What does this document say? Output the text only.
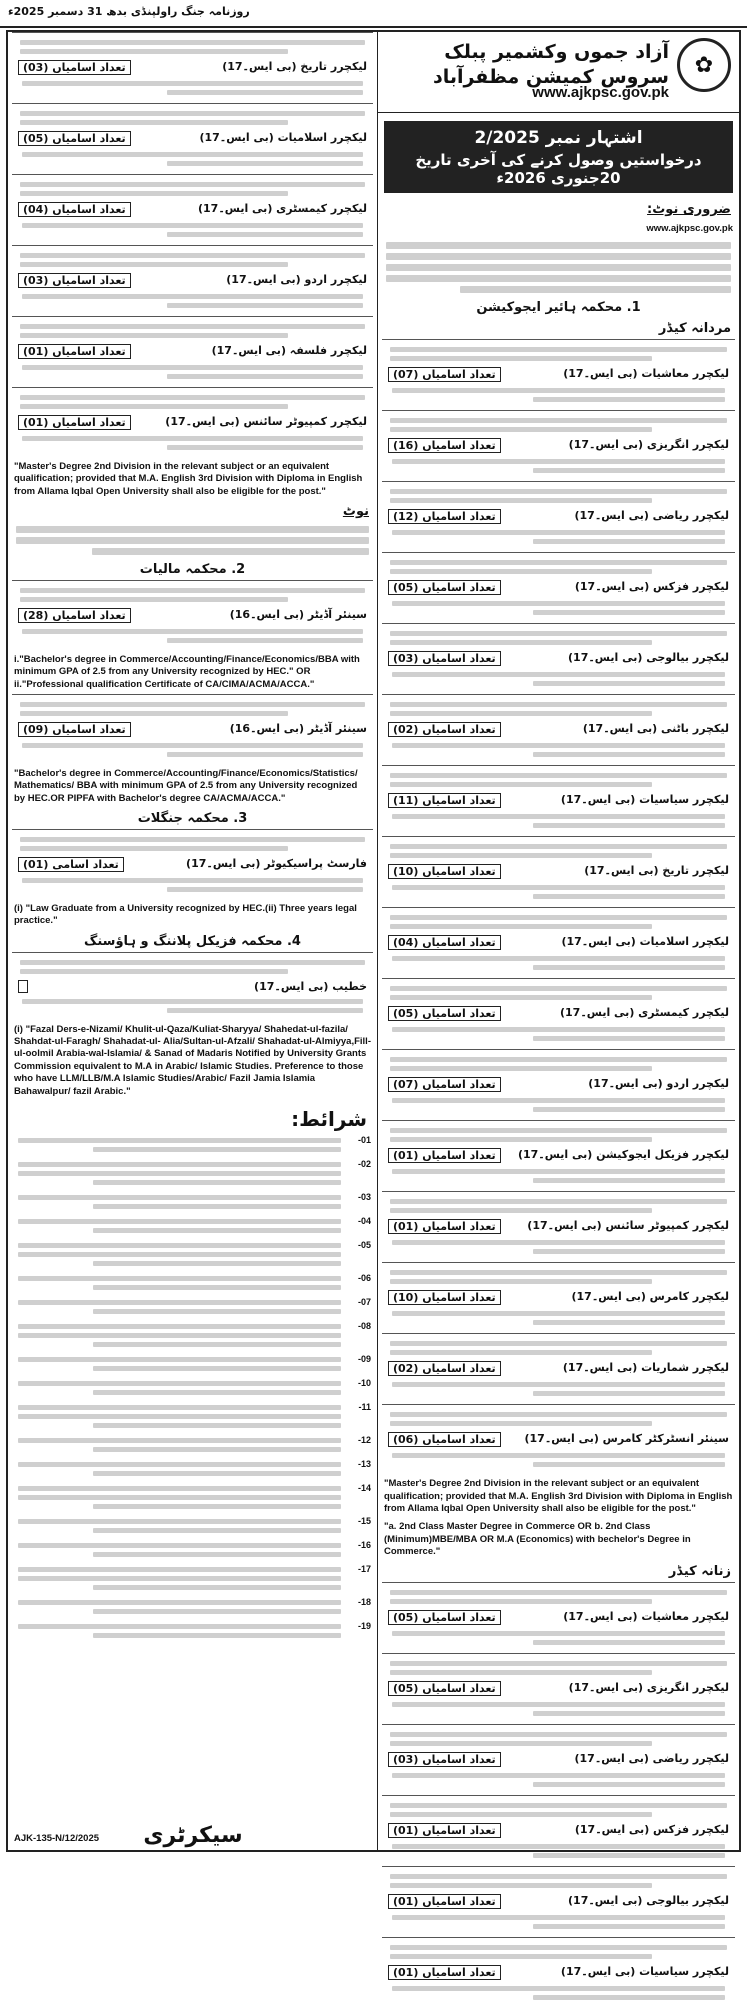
روزنامہ جنگ راولپنڈی بدھ 31 دسمبر 2025ء
لیکچرر تاریخ (بی ایس۔17)
تعداد اسامیاں (03)
لیکچرر اسلامیات (بی ایس۔17)
تعداد اسامیاں (05)
لیکچرر کیمسٹری (بی ایس۔17)
تعداد اسامیاں (04)
لیکچرر اردو (بی ایس۔17)
تعداد اسامیاں (03)
لیکچرر فلسفہ (بی ایس۔17)
تعداد اسامیاں (01)
لیکچرر کمپیوٹر سائنس (بی ایس۔17)
تعداد اسامیاں (01)
"Master's Degree 2nd Division in the relevant subject or an equivalent qualification; provided that M.A. English 3rd Division with Diploma in English from Allama Iqbal Open University shall also be eligible for the post."
نوٹ
2. محکمہ مالیات
سینئر آڈیٹر (بی ایس۔16)
تعداد اسامیاں (28)
i."Bachelor's degree in Commerce/Accounting/Finance/Economics/BBA with minimum GPA of 2.5 from any University recognized by HEC." OR ii."Professional qualification Certificate of CA/CIMA/ACMA/ACCA."
سینئر آڈیٹر (بی ایس۔16)
تعداد اسامیاں (09)
"Bachelor's degree in Commerce/Accounting/Finance/Economics/Statistics/ Mathematics/ BBA with minimum GPA of 2.5 from any University recognized by HEC.OR PIPFA with Bachelor's degree CA/ACMA/ACCA."
3. محکمہ جنگلات
فارسٹ پراسیکیوٹر (بی ایس۔17)
تعداد اسامی (01)
(i) "Law Graduate from a University recognized by HEC.(ii) Three years legal practice."
4. محکمہ فزیکل پلاننگ و ہاؤسنگ
خطیب (بی ایس۔17)
(i) "Fazal Ders-e-Nizami/ Khulit-ul-Qaza/Kuliat-Sharyya/ Shahedat-ul-fazila/ Shahdat-ul-Faragh/ Shahadat-ul- Alia/Sultan-ul-Afzali/ Shahadat-ul-Almiyya,Fill-ul-oolmil Arabia-wal-Islamia/ & Sanad of Madaris Notified by University Grants Commission equivalent to M.A in Arabic/ Islamic Studies. Preference to those who have LLM/LLB/M.A Islamic Studies/Arabic/ Fazil Jamia Islamia Bahawalpur/ fazil Arabic."
شرائط:
01-
02-
03-
04-
05-
06-
07-
08-
09-
10-
11-
12-
13-
14-
15-
16-
17-
18-
19-
AJK-135-N/12/2025	سیکرٹری
✿
آزاد جموں وکشمیر پبلک سروس کمیشن مظفرآباد
www.ajkpsc.gov.pk
اشتہار نمبر 2/2025
درخواستیں وصول کرنے کی آخری تاریخ 20جنوری 2026ء
ضروری نوٹ:
www.ajkpsc.gov.pk
1. محکمہ ہائیر ایجوکیشن
مردانہ کیڈر
لیکچرر معاشیات (بی ایس۔17)
تعداد اسامیاں (07)
لیکچرر انگریزی (بی ایس۔17)
تعداد اسامیاں (16)
لیکچرر ریاضی (بی ایس۔17)
تعداد اسامیاں (12)
لیکچرر فزکس (بی ایس۔17)
تعداد اسامیاں (05)
لیکچرر بیالوجی (بی ایس۔17)
تعداد اسامیاں (03)
لیکچرر باٹنی (بی ایس۔17)
تعداد اسامیاں (02)
لیکچرر سیاسیات (بی ایس۔17)
تعداد اسامیاں (11)
لیکچرر تاریخ (بی ایس۔17)
تعداد اسامیاں (10)
لیکچرر اسلامیات (بی ایس۔17)
تعداد اسامیاں (04)
لیکچرر کیمسٹری (بی ایس۔17)
تعداد اسامیاں (05)
لیکچرر اردو (بی ایس۔17)
تعداد اسامیاں (07)
لیکچرر فزیکل ایجوکیشن (بی ایس۔17)
تعداد اسامیاں (01)
لیکچرر کمپیوٹر سائنس (بی ایس۔17)
تعداد اسامیاں (01)
لیکچرر کامرس (بی ایس۔17)
تعداد اسامیاں (10)
لیکچرر شماریات (بی ایس۔17)
تعداد اسامیاں (02)
سینئر انسٹرکٹر کامرس (بی ایس۔17)
تعداد اسامیاں (06)
"Master's Degree 2nd Division in the relevant subject or an equivalent qualification; provided that M.A. English 3rd Division with Diploma in English from Allama Iqbal Open University shall also be eligible for the post."
"a. 2nd Class Master Degree in Commerce OR b. 2nd Class (Minimum)MBE/MBA OR M.A (Economics) with bechelor's Degree in Commerce."
زنانہ کیڈر
لیکچرر معاشیات (بی ایس۔17)
تعداد اسامیاں (05)
لیکچرر انگریزی (بی ایس۔17)
تعداد اسامیاں (05)
لیکچرر ریاضی (بی ایس۔17)
تعداد اسامیاں (03)
لیکچرر فزکس (بی ایس۔17)
تعداد اسامیاں (01)
لیکچرر بیالوجی (بی ایس۔17)
تعداد اسامیاں (01)
لیکچرر سیاسیات (بی ایس۔17)
تعداد اسامیاں (01)
